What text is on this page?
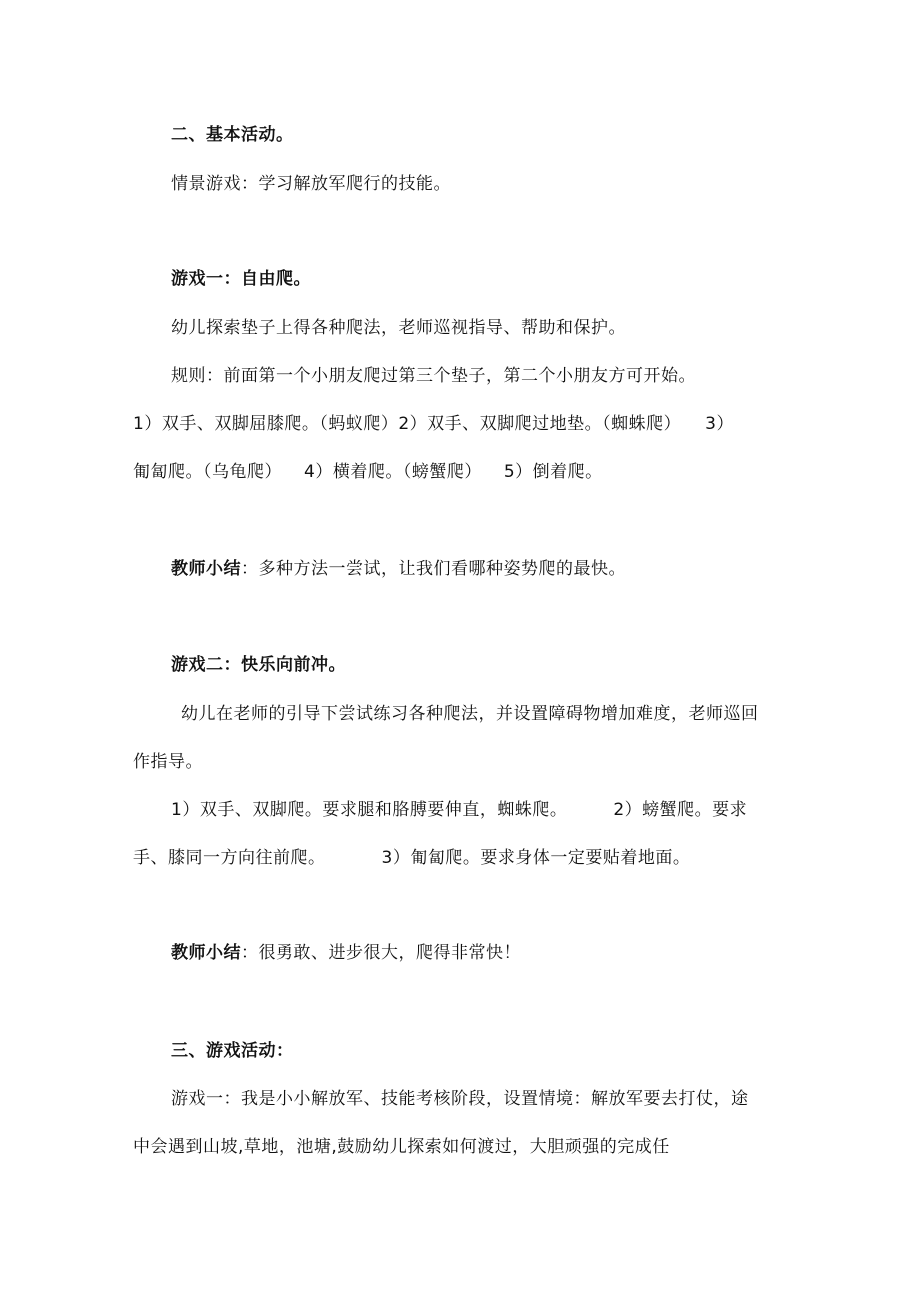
二、基本活动。
情景游戏：学习解放军爬行的技能。
游戏一：自由爬。
幼儿探索垫子上得各种爬法，老师巡视指导、帮助和保护。
规则：前面第一个小朋友爬过第三个垫子，第二个小朋友方可开始。
1）双手、双脚屈膝爬。（蚂蚁爬）2）双手、双脚爬过地垫。（蜘蛛爬） 3）
匍匐爬。（乌龟爬） 4）横着爬。（螃蟹爬） 5）倒着爬。
教师小结：多种方法一尝试，让我们看哪种姿势爬的最快。
游戏二：快乐向前冲。
幼儿在老师的引导下尝试练习各种爬法，并设置障碍物增加难度，老师巡回
作指导。
1）双手、双脚爬。要求腿和胳膊要伸直，蜘蛛爬。	2）螃蟹爬。要求
手、膝同一方向往前爬。	3）匍匐爬。要求身体一定要贴着地面。
教师小结：很勇敢、进步很大，爬得非常快！
三、游戏活动：
游戏一：我是小小解放军、技能考核阶段，设置情境：解放军要去打仗，途
中会遇到山坡,草地，池塘,鼓励幼儿探索如何渡过，大胆顽强的完成任
